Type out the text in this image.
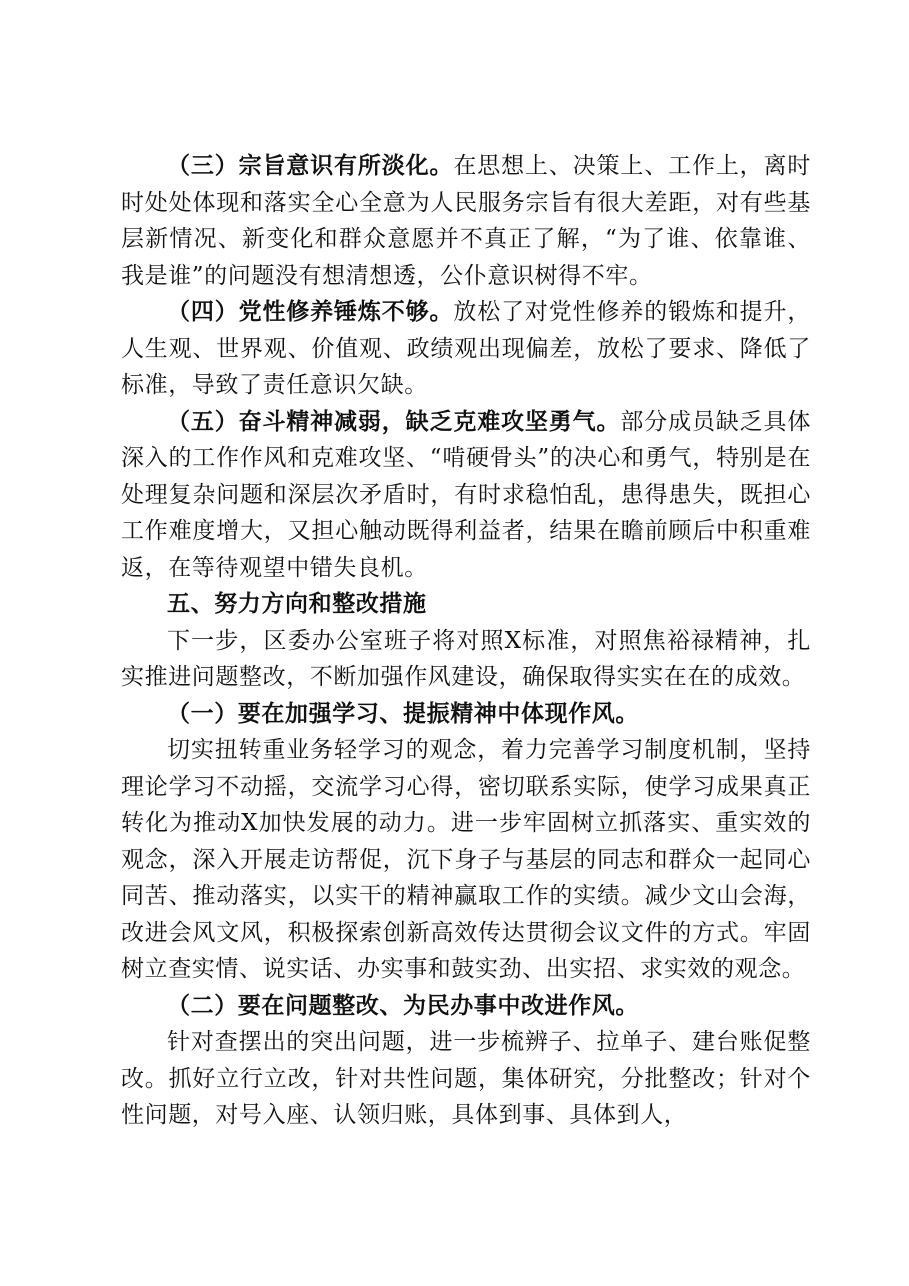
（三）宗旨意识有所淡化。在思想上、决策上、工作上，离时时处处体现和落实全心全意为人民服务宗旨有很大差距，对有些基层新情况、新变化和群众意愿并不真正了解，“为了谁、依靠谁、我是谁”的问题没有想清想透，公仆意识树得不牢。

（四）党性修养锤炼不够。放松了对党性修养的锻炼和提升，人生观、世界观、价值观、政绩观出现偏差，放松了要求、降低了标准，导致了责任意识欠缺。

（五）奋斗精神减弱，缺乏克难攻坚勇气。部分成员缺乏具体深入的工作作风和克难攻坚、“啃硬骨头”的决心和勇气，特别是在处理复杂问题和深层次矛盾时，有时求稳怕乱，患得患失，既担心工作难度增大，又担心触动既得利益者，结果在瞻前顾后中积重难返，在等待观望中错失良机。

五、努力方向和整改措施

下一步，区委办公室班子将对照X标准，对照焦裕禄精神，扎实推进问题整改，不断加强作风建设，确保取得实实在在的成效。

（一）要在加强学习、提振精神中体现作风。

切实扭转重业务轻学习的观念，着力完善学习制度机制，坚持理论学习不动摇，交流学习心得，密切联系实际，使学习成果真正转化为推动X加快发展的动力。进一步牢固树立抓落实、重实效的观念，深入开展走访帮促，沉下身子与基层的同志和群众一起同心同苦、推动落实，以实干的精神赢取工作的实绩。减少文山会海，改进会风文风，积极探索创新高效传达贯彻会议文件的方式。牢固树立查实情、说实话、办实事和鼓实劲、出实招、求实效的观念。

（二）要在问题整改、为民办事中改进作风。

针对查摆出的突出问题，进一步梳辨子、拉单子、建台账促整改。抓好立行立改，针对共性问题，集体研究，分批整改；针对个性问题，对号入座、认领归账，具体到事、具体到人，
